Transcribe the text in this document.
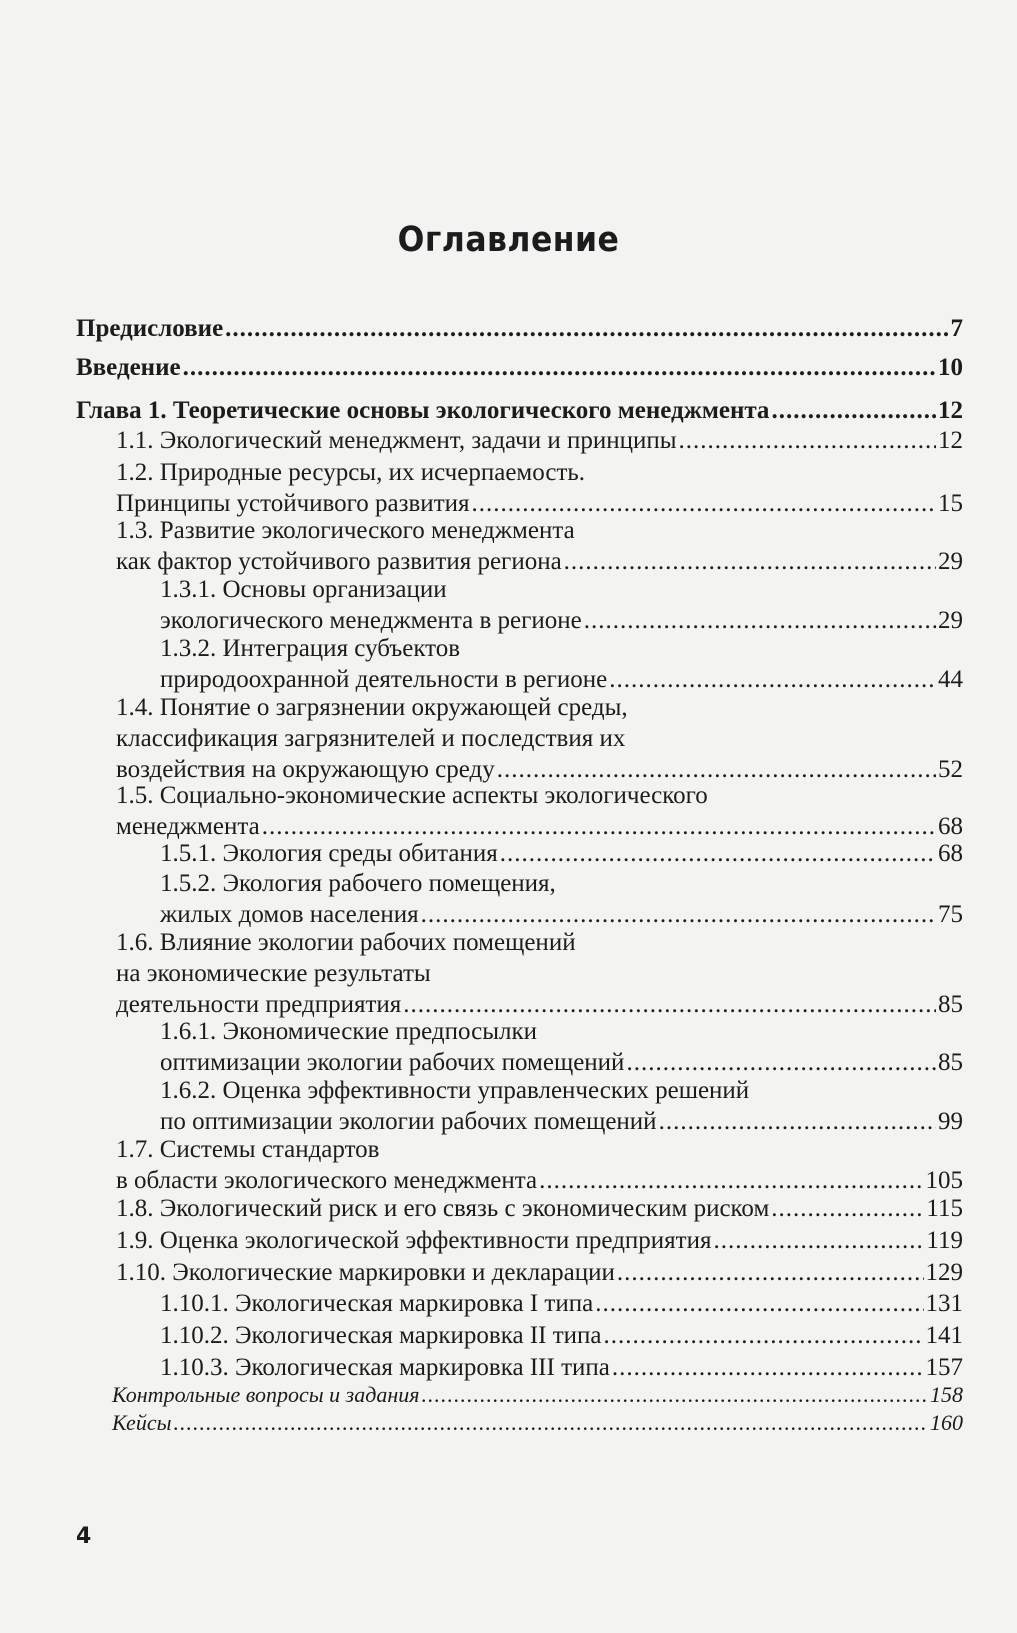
Оглавление
Предисловие .....	7
Введение .....	10
Глава 1. Теоретические основы экологического менеджмента .....	12
1.1. Экологический менеджмент, задачи и принципы .....	12
1.2. Природные ресурсы, их исчерпаемость.
Принципы устойчивого развития .....	15
1.3. Развитие экологического менеджмента
как фактор устойчивого развития региона .....	29
1.3.1. Основы организации
экологического менеджмента в регионе .....	29
1.3.2. Интеграция субъектов
природоохранной деятельности в регионе .....	44
1.4. Понятие о загрязнении окружающей среды,
классификация загрязнителей и последствия их
воздействия на окружающую среду .....	52
1.5. Социально-экономические аспекты экологического
менеджмента .....	68
1.5.1. Экология среды обитания .....	68
1.5.2. Экология рабочего помещения,
жилых домов населения .....	75
1.6. Влияние экологии рабочих помещений
на экономические результаты
деятельности предприятия .....	85
1.6.1. Экономические предпосылки
оптимизации экологии рабочих помещений .....	85
1.6.2. Оценка эффективности управленческих решений
по оптимизации экологии рабочих помещений .....	99
1.7. Системы стандартов
в области экологического менеджмента .....	105
1.8. Экологический риск и его связь с экономическим риском .....	115
1.9. Оценка экологической эффективности предприятия .....	119
1.10. Экологические маркировки и декларации .....	129
1.10.1. Экологическая маркировка I типа .....	131
1.10.2. Экологическая маркировка II типа .....	141
1.10.3. Экологическая маркировка III типа .....	157
Контрольные вопросы и задания .....	158
Кейсы .....	160
4
